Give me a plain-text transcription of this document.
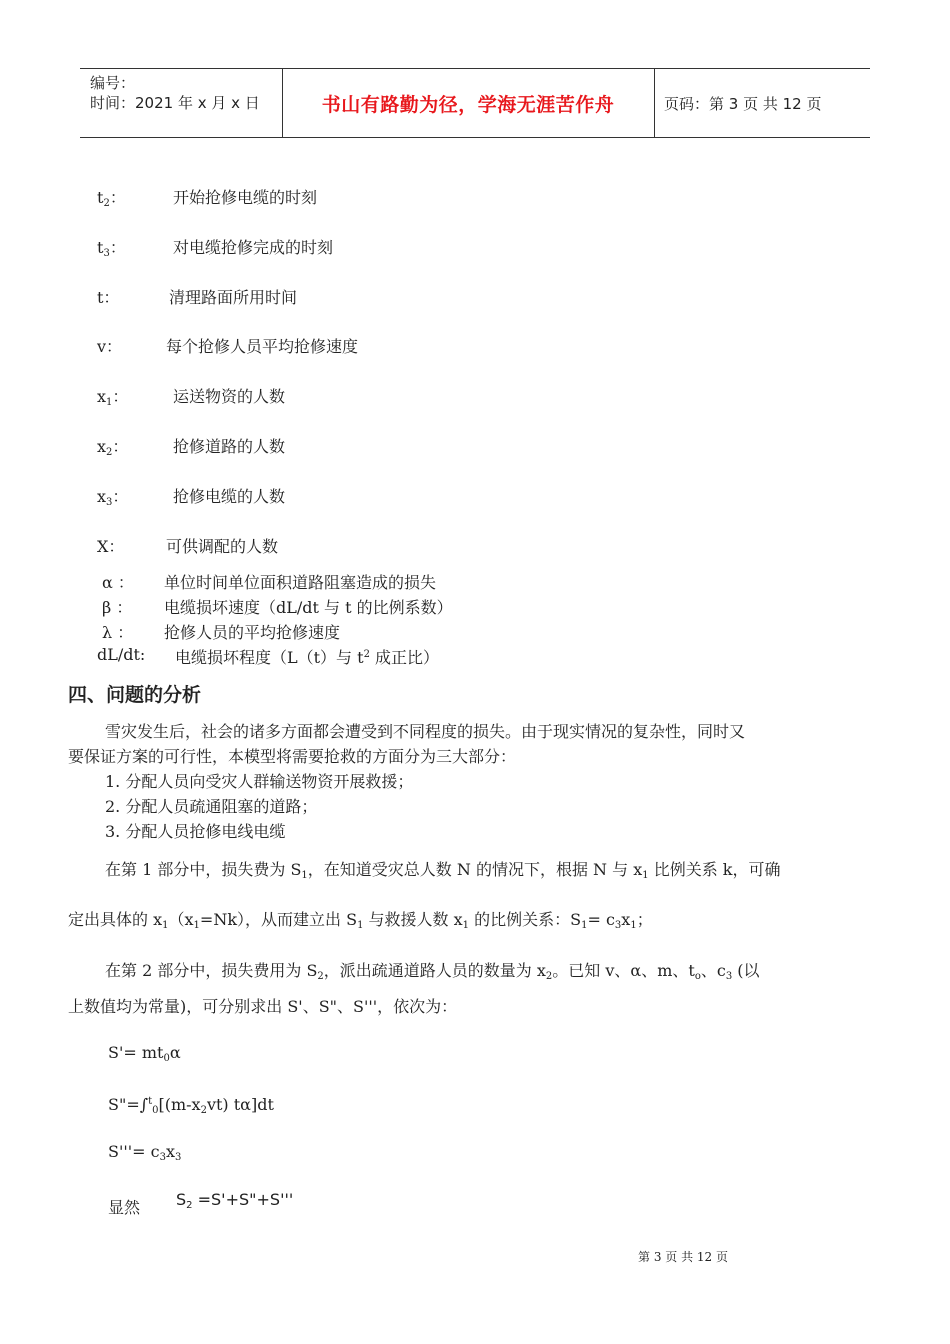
编号：
时间：2021 年 x 月 x 日	书山有路勤为径，学海无涯苦作舟	页码：第 3 页 共 12 页
$t_2$：	开始抢修电缆的时刻
$t_3$：	对电缆抢修完成的时刻
t：	清理路面所用时间
v：	每个抢修人员平均抢修速度
$x_1$：	运送物资的人数
$x_2$：	抢修道路的人数
$x_3$：	抢修电缆的人数
X：	可供调配的人数
α ： 单位时间单位面积道路阻塞造成的损失
β ： 电缆损坏速度（dL/dt 与 t 的比例系数）
λ ： 抢修人员的平均抢修速度
dL/dt: 电缆损坏程度（L（t）与 $t^2$ 成正比）
四、问题的分析
雪灾发生后，社会的诸多方面都会遭受到不同程度的损失。由于现实情况的复杂性，同时又
要保证方案的可行性，本模型将需要抢救的方面分为三大部分：
1. 分配人员向受灾人群输送物资开展救援；
2. 分配人员疏通阻塞的道路；
3. 分配人员抢修电线电缆
在第 1 部分中，损失费为 $S_1$，在知道受灾总人数 N 的情况下，根据 N 与 $x_1$ 比例关系 k，可确
定出具体的 $x_1(x_1=Nk)$，从而建立出 $S_1$ 与救援人数 $x_1$ 的比例关系：$S_1= c_3x_1$；
在第 2 部分中，损失费用为 $S_2$，派出疏通道路人员的数量为 $x_2$。已知 v、α、m、$t_o$、$c_3$ (以
上数值均为常量)，可分别求出 S'、S"、S'''，依次为：
$S'= mt_0\alpha$
$S"=\int^t_0[(m-x_2vt)$ tα]dt
$S'''= c_3x_3$
显然 $S_2$ =S'+S"+S'''
第 3 页 共 12 页
